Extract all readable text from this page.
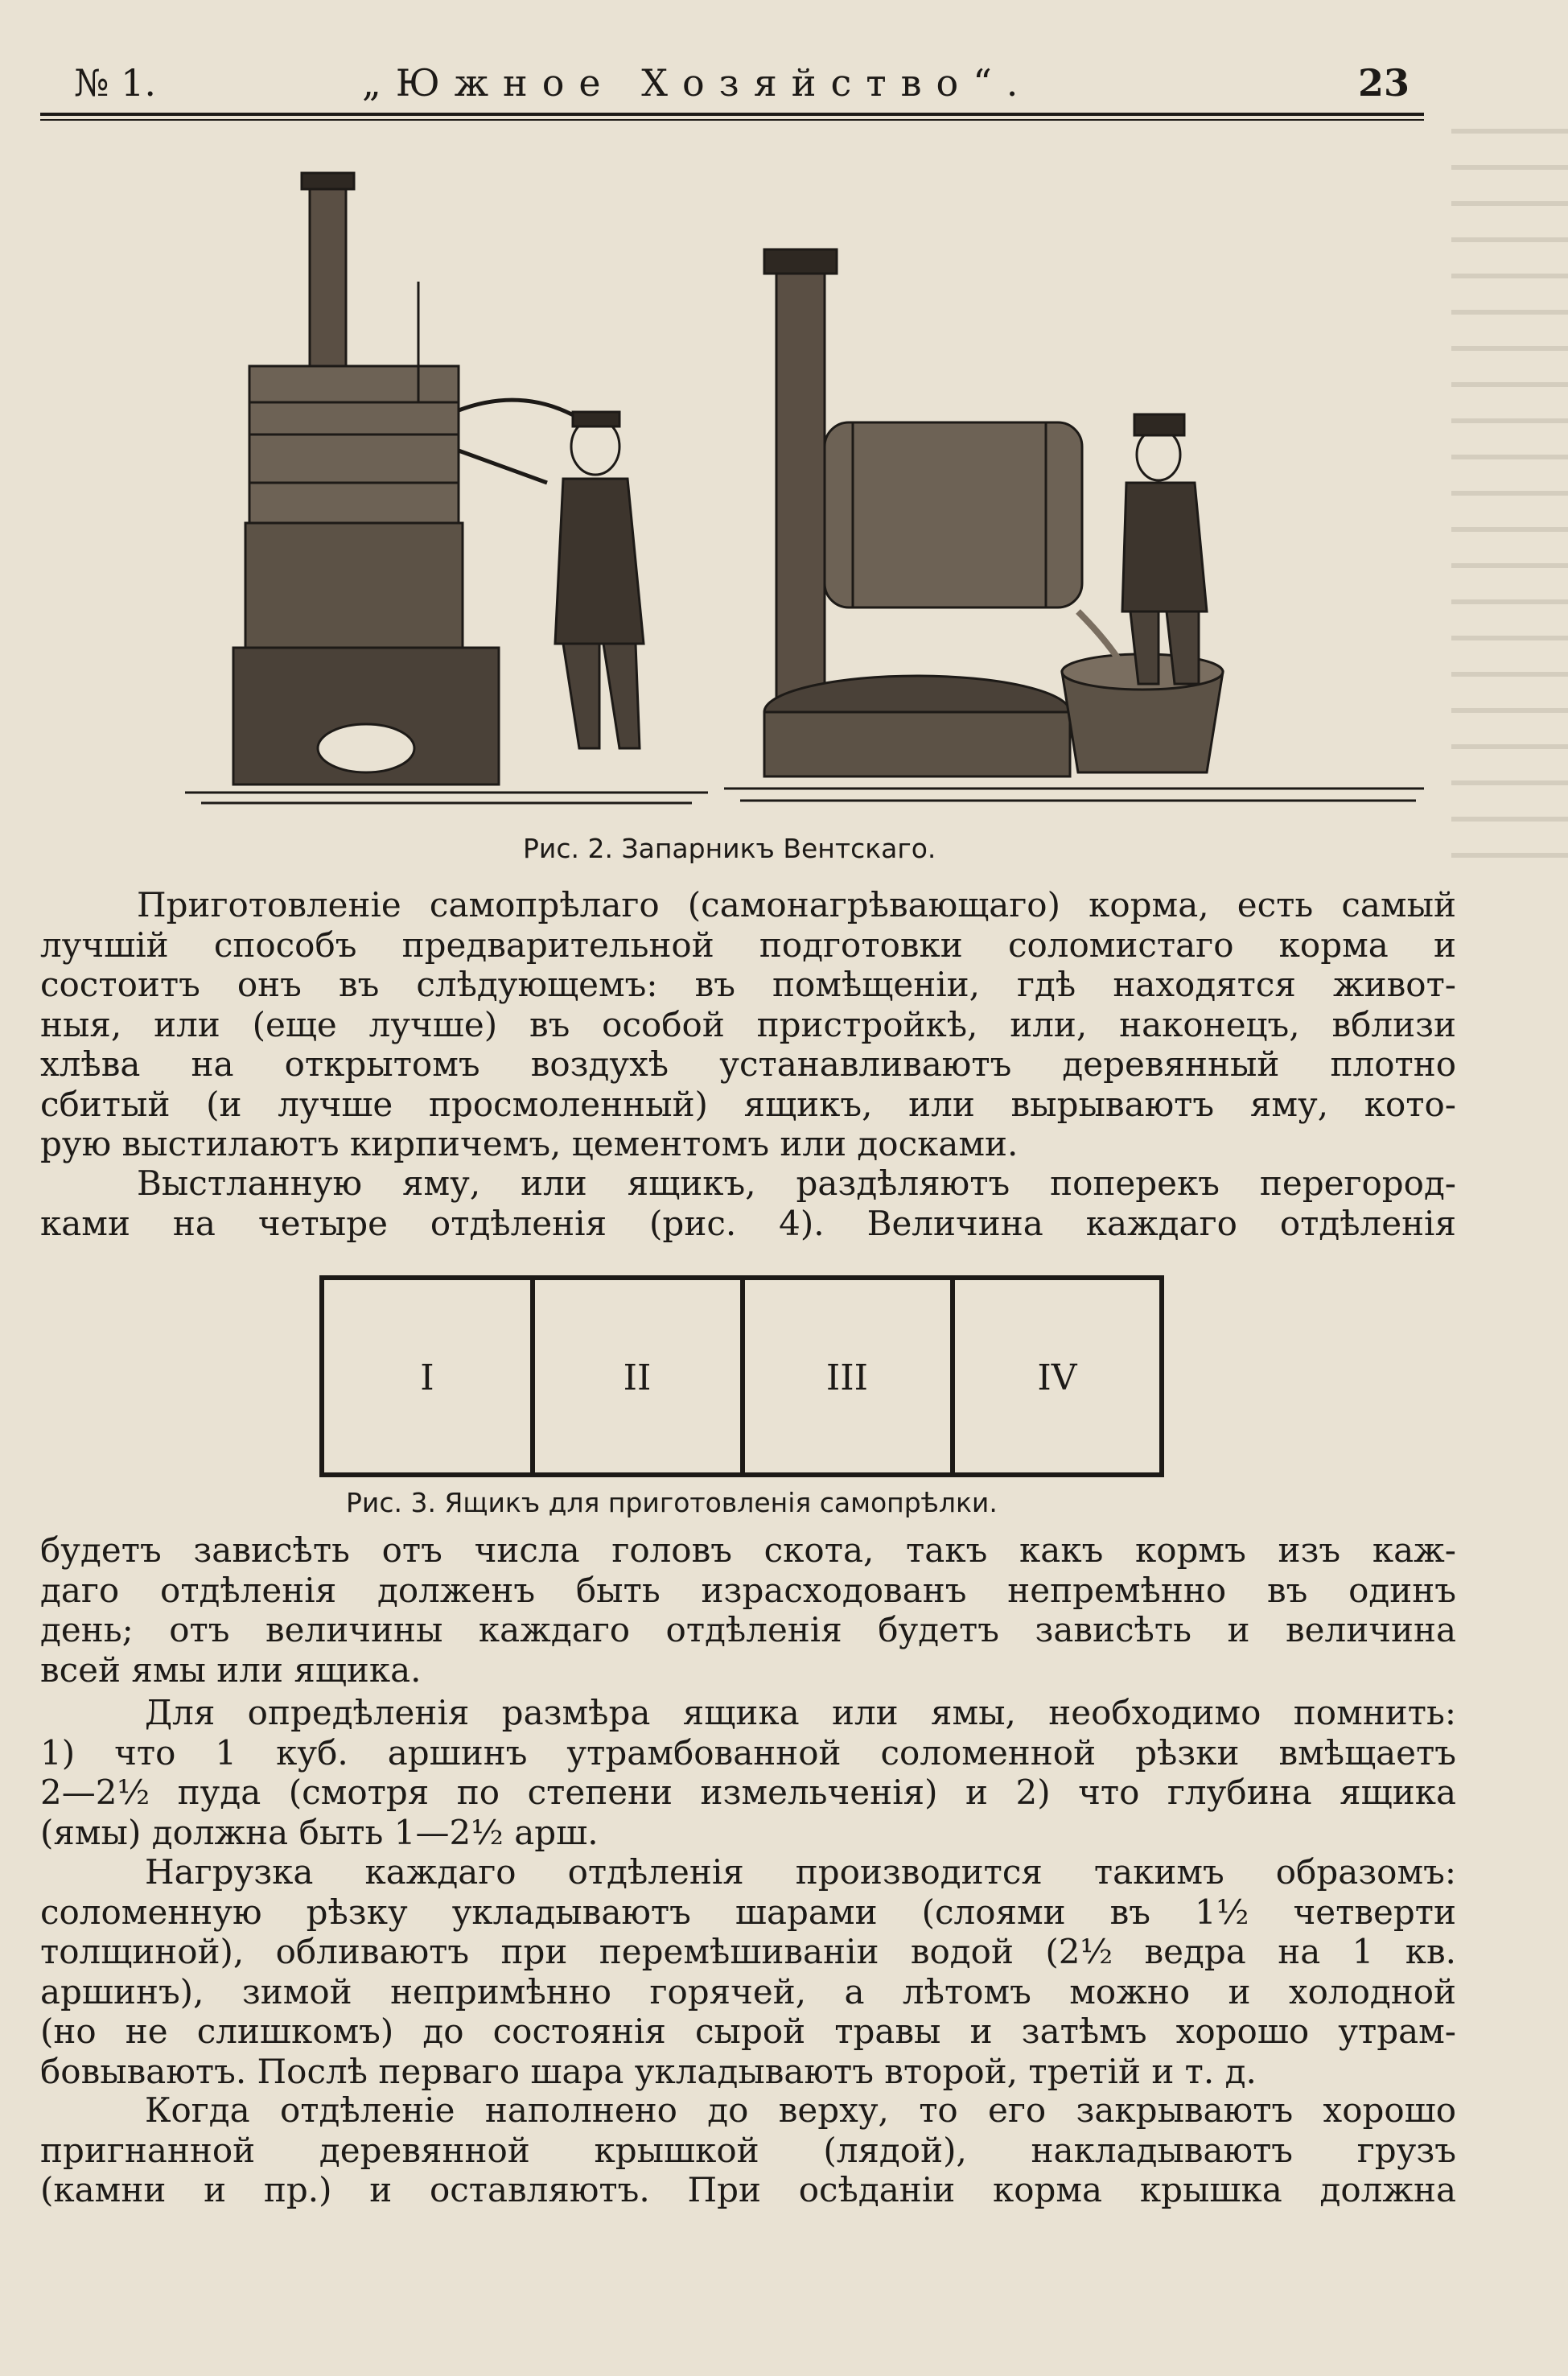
№ 1.	„Южное Хозяйство“.	23
Рис. 2. Запарникъ Вентскаго.
Приготовленіе самопрѣлаго (самонагрѣвающаго) корма, есть самый
лучшій способъ предварительной подготовки соломистаго корма и
состоитъ онъ въ слѣдующемъ: въ помѣщеніи, гдѣ находятся живот-
ныя, или (еще лучше) въ особой пристройкѣ, или, наконецъ, вблизи
хлѣва на открытомъ воздухѣ устанавливаютъ деревянный плотно
сбитый (и лучше просмоленный) ящикъ, или вырываютъ яму, кото-
рую выстилаютъ кирпичемъ, цементомъ или досками.
Выстланную яму, или ящикъ, раздѣляютъ поперекъ перегород-
ками на четыре отдѣленія (рис. 4). Величина каждаго отдѣленія
I	II	III	IV
Рис. 3. Ящикъ для приготовленія самопрѣлки.
будетъ зависѣть отъ числа головъ скота, такъ какъ кормъ изъ каж-
даго отдѣленія долженъ быть израсходованъ непремѣнно въ одинъ
день; отъ величины каждаго отдѣленія будетъ зависѣть и величина
всей ямы или ящика.
Для опредѣленія размѣра ящика или ямы, необходимо помнить:
1) что 1 куб. аршинъ утрамбованной соломенной рѣзки вмѣщаетъ
2—2½ пуда (смотря по степени измельченія) и 2) что глубина ящика
(ямы) должна быть 1—2½ арш.
Нагрузка каждаго отдѣленія производится такимъ образомъ:
соломенную рѣзку укладываютъ шарами (слоями въ 1½ четверти
толщиной), обливаютъ при перемѣшиваніи водой (2½ ведра на 1 кв.
аршинъ), зимой непримѣнно горячей, а лѣтомъ можно и холодной
(но не слишкомъ) до состоянія сырой травы и затѣмъ хорошо утрам-
бовываютъ. Послѣ перваго шара укладываютъ второй, третій и т. д.
Когда отдѣленіе наполнено до верху, то его закрываютъ хорошо
пригнанной деревянной крышкой (лядой), накладываютъ грузъ
(камни и пр.) и оставляютъ. При осѣданіи корма крышка должна
